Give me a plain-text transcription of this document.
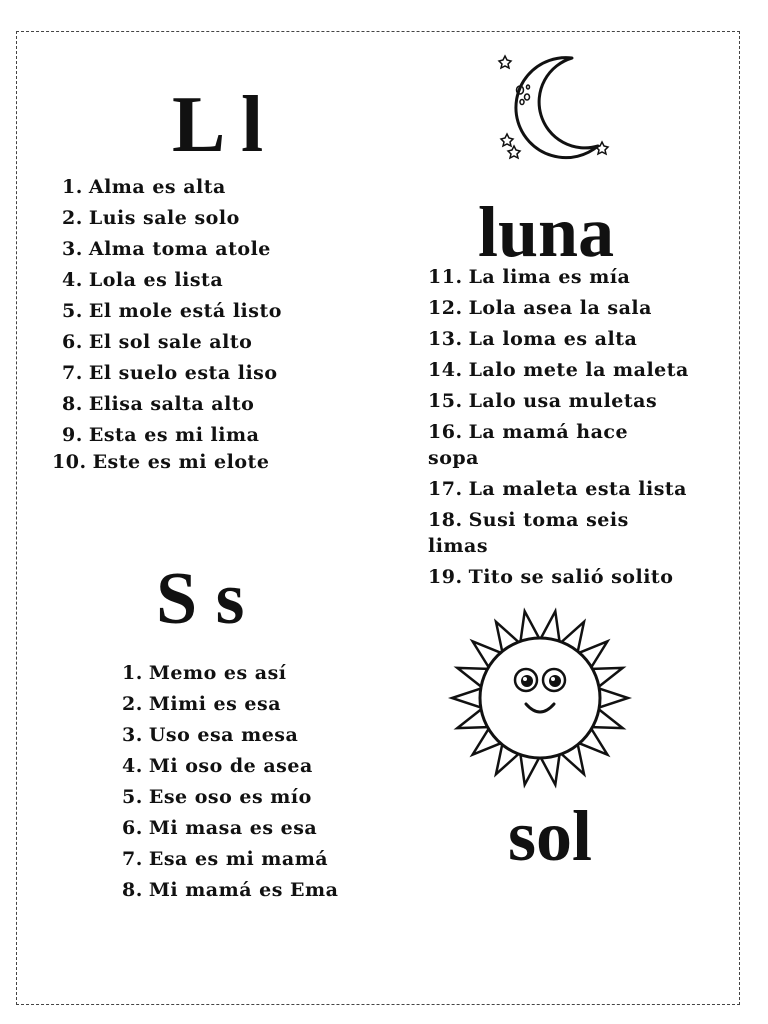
L l
1. Alma es alta
2. Luis sale solo
3. Alma toma atole
4. Lola es lista
5. El mole está listo
6. El sol sale alto
7. El suelo esta liso
8. Elisa salta alto
9. Esta es mi lima
10. Este es mi elote
luna
11. La lima es mía
12. Lola asea la sala
13. La loma es alta
14. Lalo mete la maleta
15. Lalo usa muletas
16. La mamá hace sopa
17. La maleta esta lista
18. Susi toma seis limas
19. Tito se salió solito
S s
1. Memo es así
2. Mimi es esa
3. Uso esa mesa
4. Mi oso de asea
5. Ese oso es mío
6. Mi masa es esa
7. Esa es mi mamá
8. Mi mamá es Ema
sol
